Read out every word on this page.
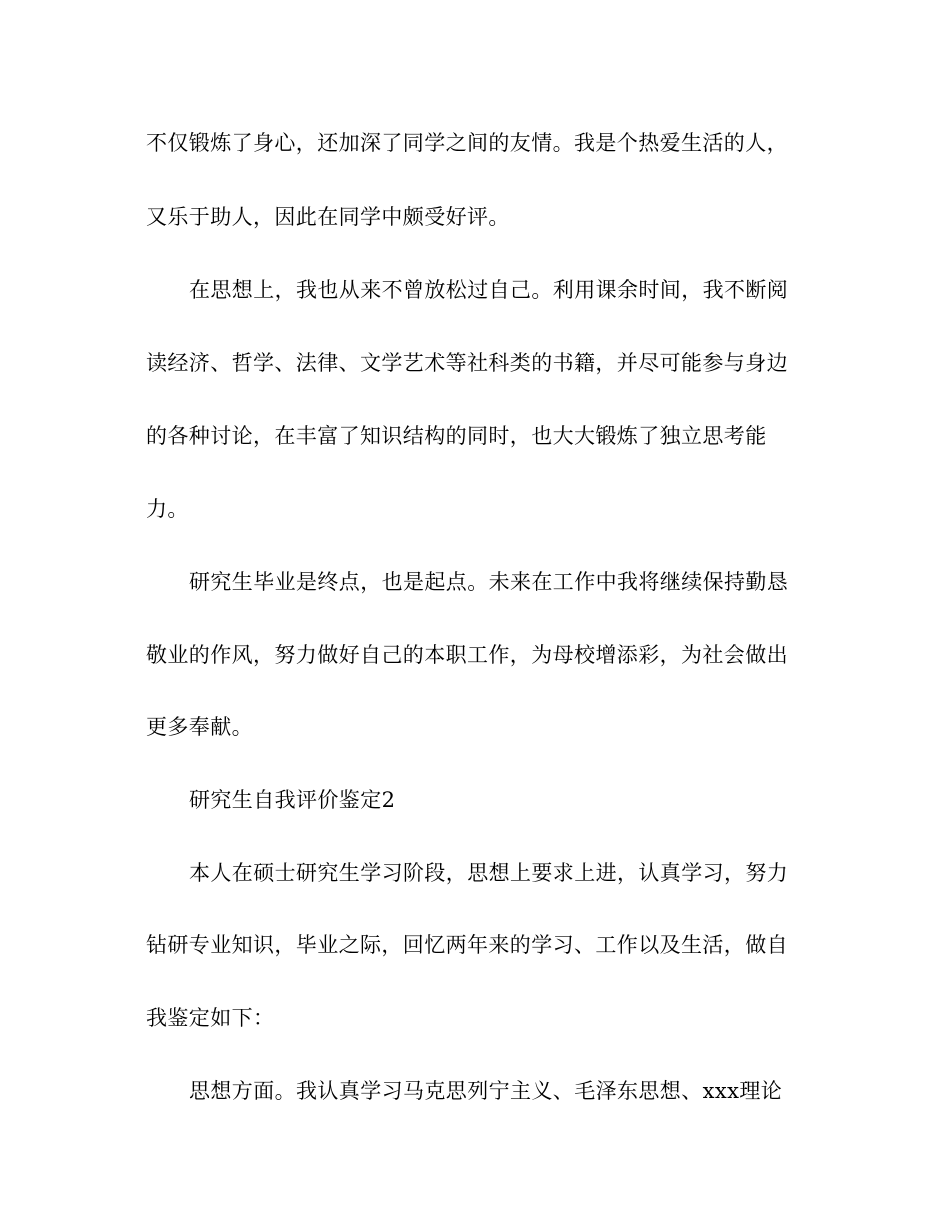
不仅锻炼了身心，还加深了同学之间的友情。我是个热爱生活的人，
又乐于助人，因此在同学中颇受好评。
在思想上，我也从来不曾放松过自己。利用课余时间，我不断阅
读经济、哲学、法律、文学艺术等社科类的书籍，并尽可能参与身边
的各种讨论，在丰富了知识结构的同时，也大大锻炼了独立思考能
力。
研究生毕业是终点，也是起点。未来在工作中我将继续保持勤恳
敬业的作风，努力做好自己的本职工作，为母校增添彩，为社会做出
更多奉献。
研究生自我评价鉴定2
本人在硕士研究生学习阶段，思想上要求上进，认真学习，努力
钻研专业知识，毕业之际，回忆两年来的学习、工作以及生活，做自
我鉴定如下：
思想方面。我认真学习马克思列宁主义、毛泽东思想、xxx理论
